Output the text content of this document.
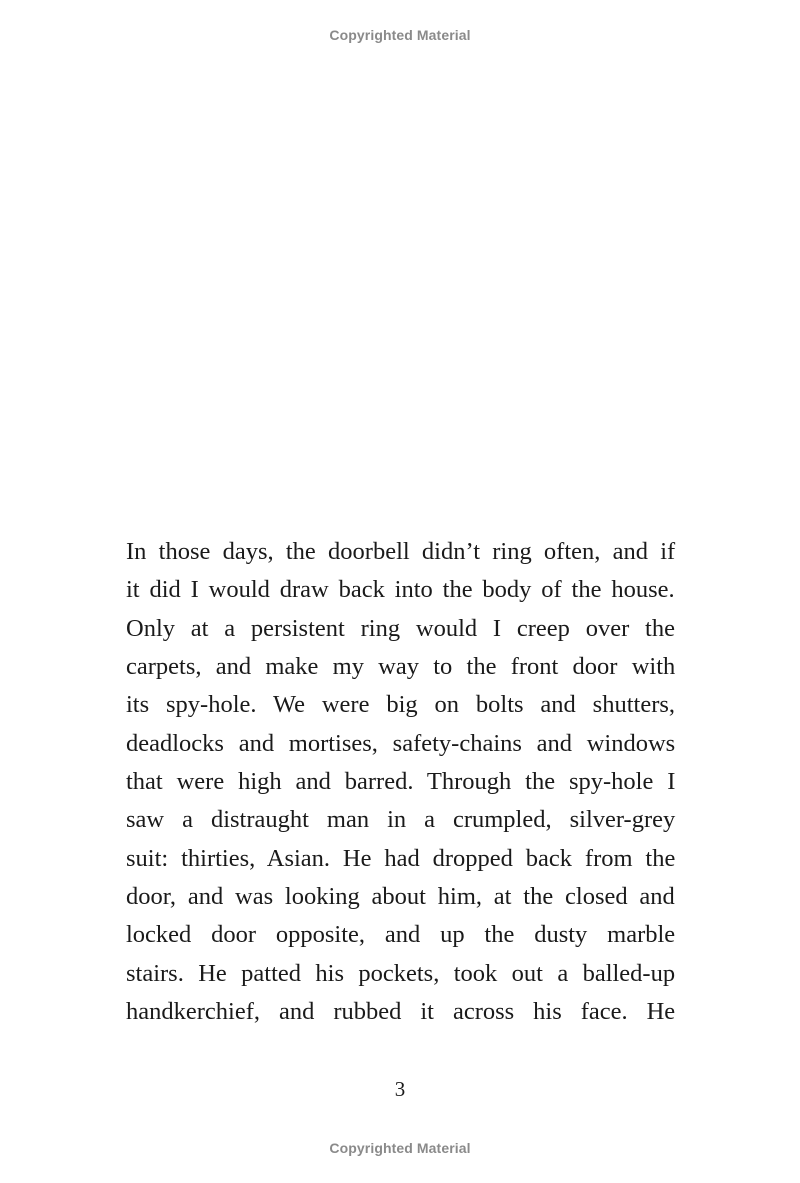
Copyrighted Material
In those days, the doorbell didn’t ring often, and if
it did I would draw back into the body of the house.
Only at a persistent ring would I creep over the
carpets, and make my way to the front door with
its spy-hole. We were big on bolts and shutters,
deadlocks and mortises, safety-chains and windows
that were high and barred. Through the spy-hole I
saw a distraught man in a crumpled, silver-grey
suit: thirties, Asian. He had dropped back from the
door, and was looking about him, at the closed and
locked door opposite, and up the dusty marble
stairs. He patted his pockets, took out a balled-up
handkerchief, and rubbed it across his face. He
3
Copyrighted Material
